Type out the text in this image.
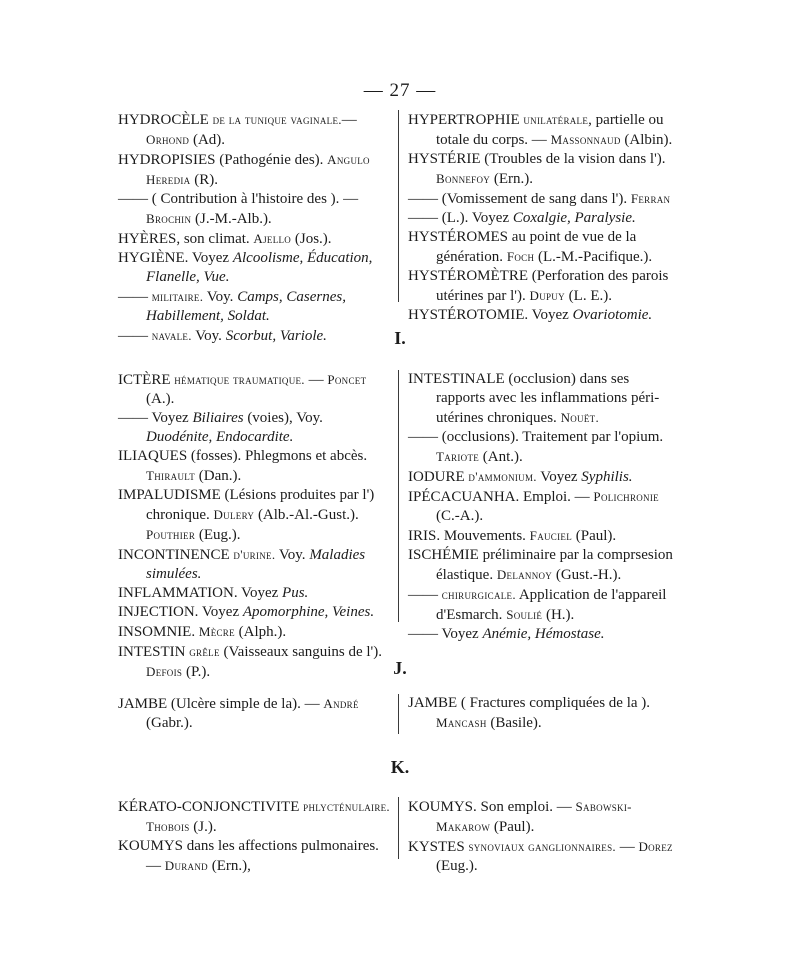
— 27 —

HYDROCÈLE de la tunique vaginale.— Orhond (Ad).

HYDROPISIES (Pathogénie des). Angulo Heredia (R).

—— ( Contribution à l'histoire des ). — Brochin (J.-M.-Alb.).

HYÈRES, son climat. Ajello (Jos.).

HYGIÈNE. Voyez Alcoolisme, Éducation, Flanelle, Vue.

—— militaire. Voy. Camps, Casernes, Habillement, Soldat.

—— navale. Voy. Scorbut, Variole.

HYPERTROPHIE unilatérale, partielle ou totale du corps. — Massonnaud (Albin).

HYSTÉRIE (Troubles de la vision dans l'). Bonnefoy (Ern.).

—— (Vomissement de sang dans l'). Ferran

—— (L.). Voyez Coxalgie, Paralysie.

HYSTÉROMES au point de vue de la génération. Foch (L.-M.-Pacifique.).

HYSTÉROMÈTRE (Perforation des parois utérines par l'). Dupuy (L. E.).

HYSTÉROTOMIE. Voyez Ovariotomie.

I.

ICTÈRE hématique traumatique. — Poncet (A.).

—— Voyez Biliaires (voies), Voy. Duodénite, Endocardite.

ILIAQUES (fosses). Phlegmons et abcès. Thirault (Dan.).

IMPALUDISME (Lésions produites par l') chronique. Dulery (Alb.-Al.-Gust.). Pouthier (Eug.).

INCONTINENCE d'urine. Voy. Maladies simulées.

INFLAMMATION. Voyez Pus.

INJECTION. Voyez Apomorphine, Veines.

INSOMNIE. Mècre (Alph.).

INTESTIN grêle (Vaisseaux sanguins de l'). Defois (P.).

INTESTINALE (occlusion) dans ses rapports avec les inflammations péri-utérines chroniques. Nouët.

—— (occlusions). Traitement par l'opium. Tariote (Ant.).

IODURE d'ammonium. Voyez Syphilis.

IPÉCACUANHA. Emploi. — Polichronie (C.-A.).

IRIS. Mouvements. Fauciel (Paul).

ISCHÉMIE préliminaire par la comprsesion élastique. Delannoy (Gust.-H.).

—— chirurgicale. Application de l'appareil d'Esmarch. Soulié (H.).

—— Voyez Anémie, Hémostase.

J.

JAMBE (Ulcère simple de la). — André (Gabr.).

JAMBE ( Fractures compliquées de la ). Mancash (Basile).

K.

KÉRATO-CONJONCTIVITE phlycténulaire. Thobois (J.).

KOUMYS dans les affections pulmonaires. — Durand (Ern.),

KOUMYS. Son emploi. — Sabowski-Makarow (Paul).

KYSTES synoviaux ganglionnaires. — Dorez (Eug.).
